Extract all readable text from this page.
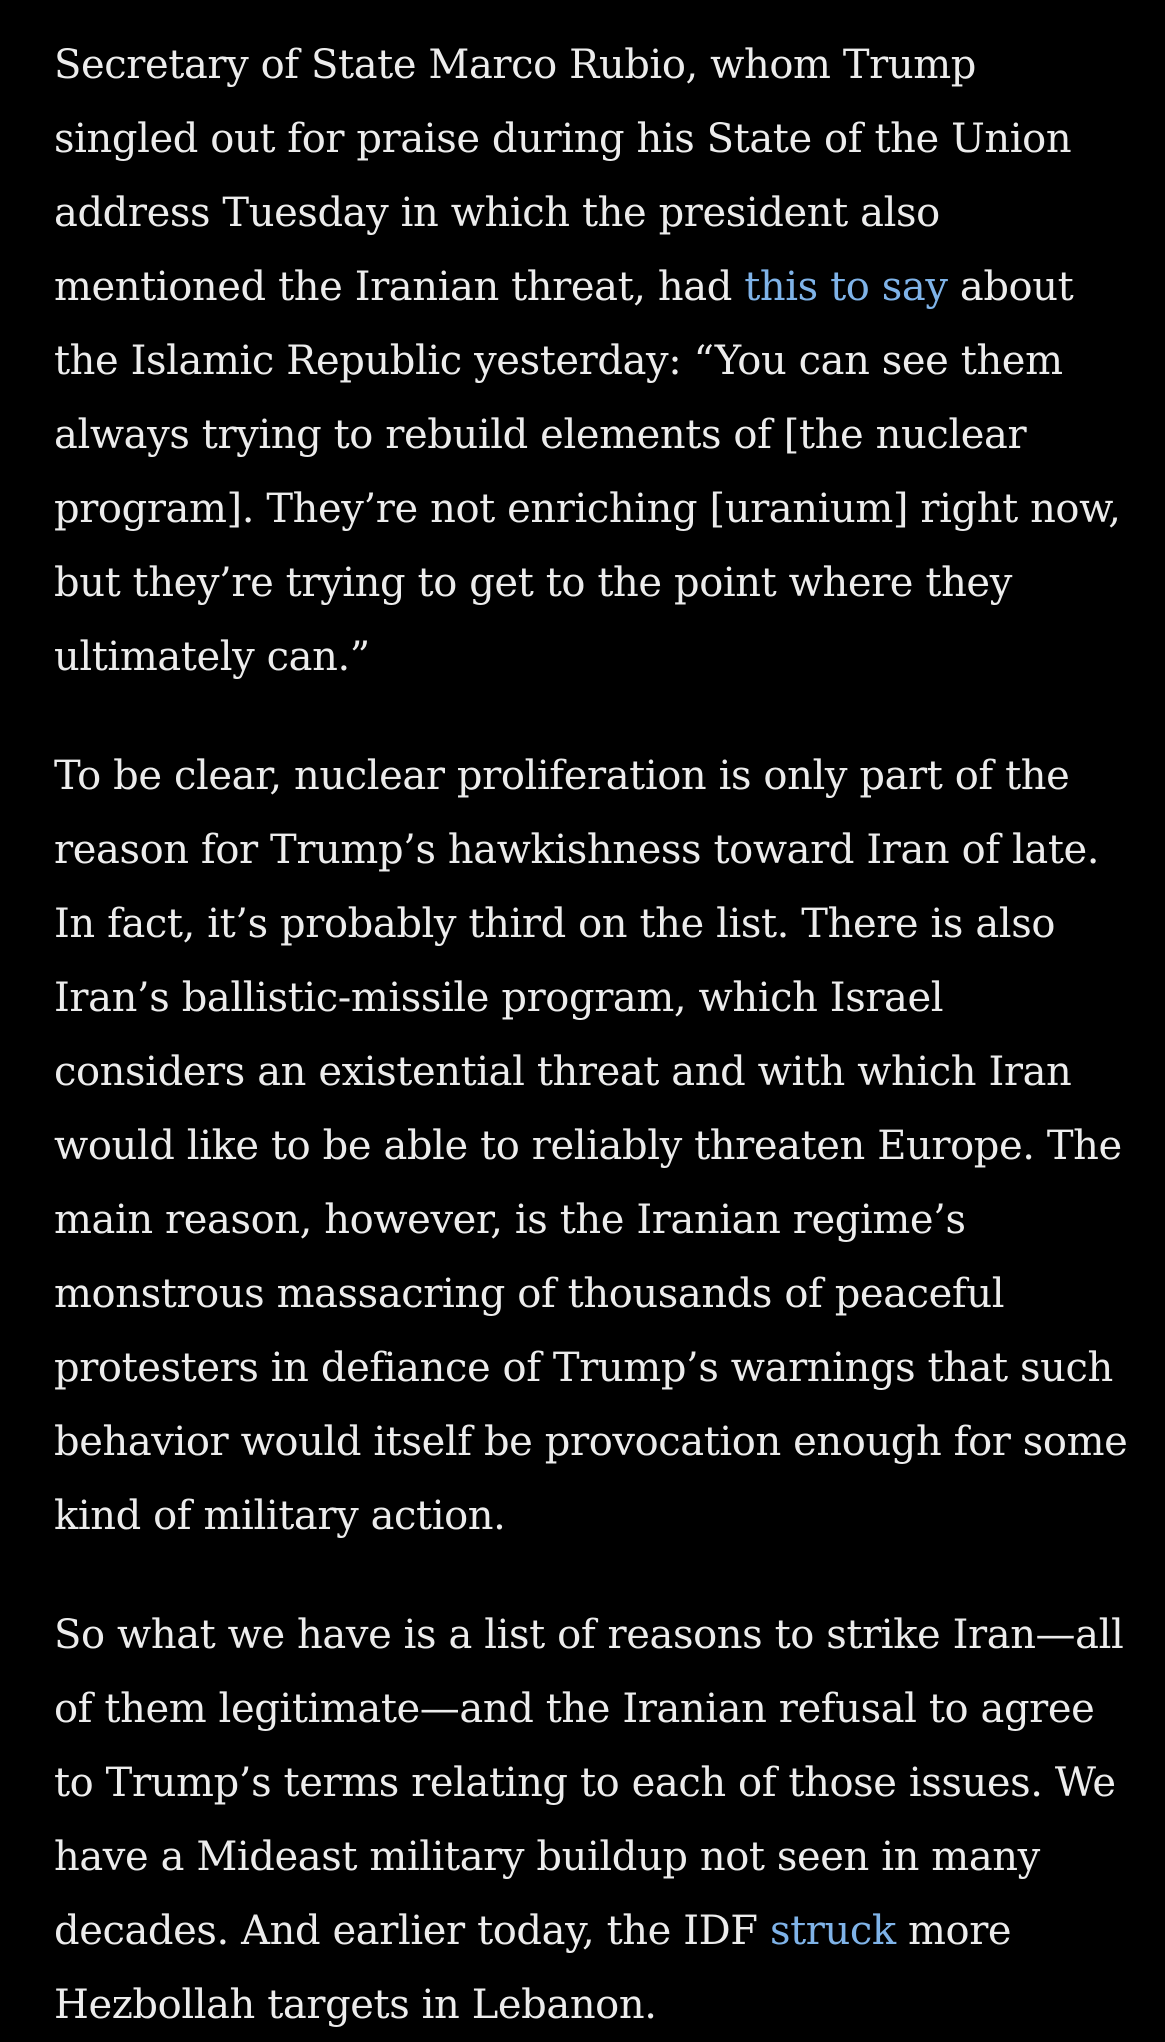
Secretary of State Marco Rubio, whom Trump singled out for praise during his State of the Union address Tuesday in which the president also mentioned the Iranian threat, had this to say about the Islamic Republic yesterday: “You can see them always trying to rebuild elements of [the nuclear program]. They’re not enriching [uranium] right now, but they’re trying to get to the point where they ultimately can.”

To be clear, nuclear proliferation is only part of the reason for Trump’s hawkishness toward Iran of late. In fact, it’s probably third on the list. There is also Iran’s ballistic-missile program, which Israel considers an existential threat and with which Iran would like to be able to reliably threaten Europe. The main reason, however, is the Iranian regime’s monstrous massacring of thousands of peaceful protesters in defiance of Trump’s warnings that such behavior would itself be provocation enough for some kind of military action.

So what we have is a list of reasons to strike Iran—all of them legitimate—and the Iranian refusal to agree to Trump’s terms relating to each of those issues. We have a Mideast military buildup not seen in many decades. And earlier today, the IDF struck more Hezbollah targets in Lebanon.
